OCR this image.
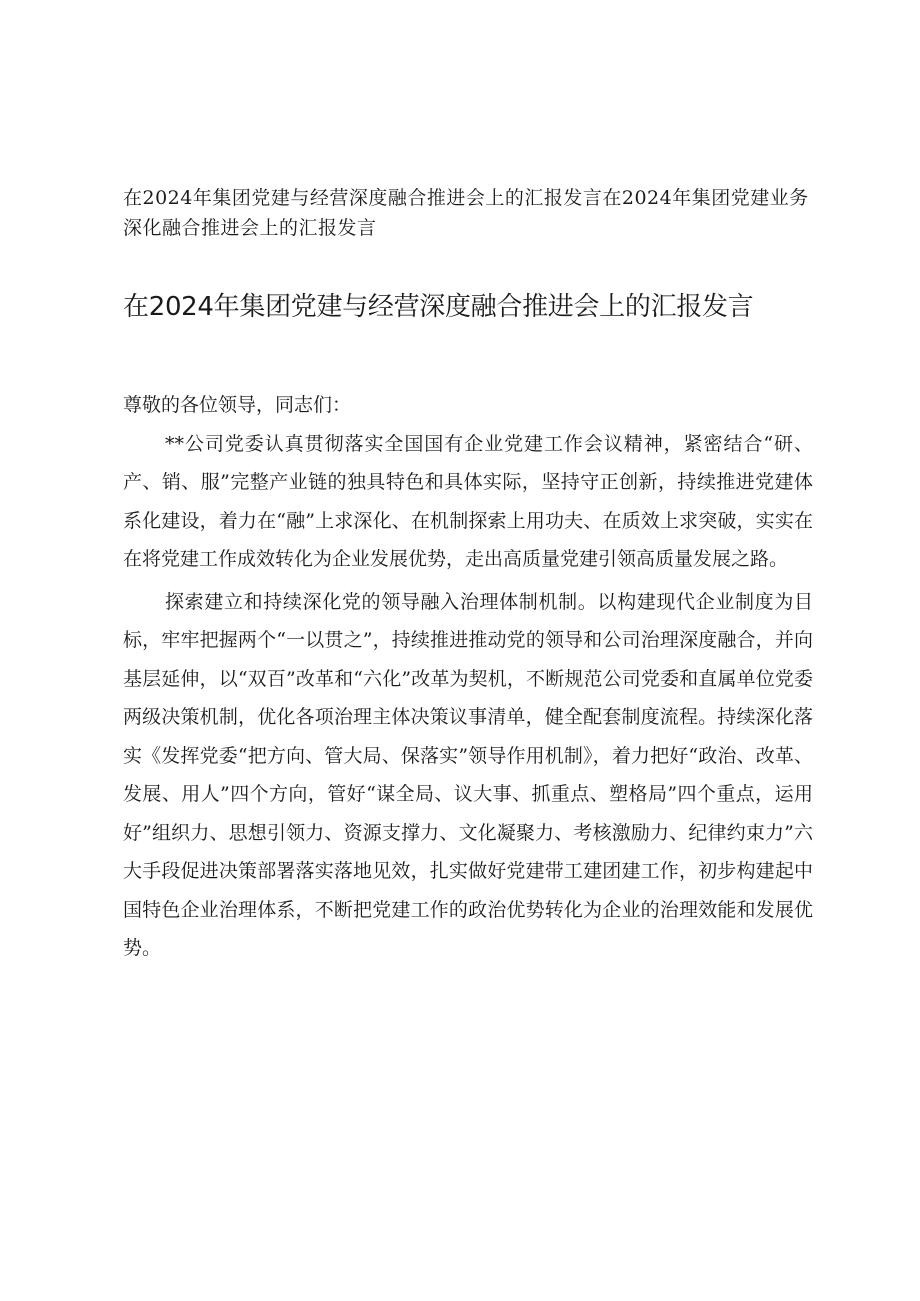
在2024年集团党建与经营深度融合推进会上的汇报发言在2024年集团党建业务深化融合推进会上的汇报发言
在2024年集团党建与经营深度融合推进会上的汇报发言

尊敬的各位领导，同志们：

**公司党委认真贯彻落实全国国有企业党建工作会议精神，紧密结合“研、产、销、服”完整产业链的独具特色和具体实际，坚持守正创新，持续推进党建体系化建设，着力在“融”上求深化、在机制探索上用功夫、在质效上求突破，实实在在将党建工作成效转化为企业发展优势，走出高质量党建引领高质量发展之路。

探索建立和持续深化党的领导融入治理体制机制。以构建现代企业制度为目标，牢牢把握两个“一以贯之”，持续推进推动党的领导和公司治理深度融合，并向基层延伸，以“双百”改革和“六化”改革为契机，不断规范公司党委和直属单位党委两级决策机制，优化各项治理主体决策议事清单，健全配套制度流程。持续深化落实《发挥党委“把方向、管大局、保落实”领导作用机制》，着力把好“政治、改革、发展、用人”四个方向，管好“谋全局、议大事、抓重点、塑格局”四个重点，运用好”组织力、思想引领力、资源支撑力、文化凝聚力、考核激励力、纪律约束力”六大手段促进决策部署落实落地见效，扎实做好党建带工建团建工作，初步构建起中国特色企业治理体系，不断把党建工作的政治优势转化为企业的治理效能和发展优势。
